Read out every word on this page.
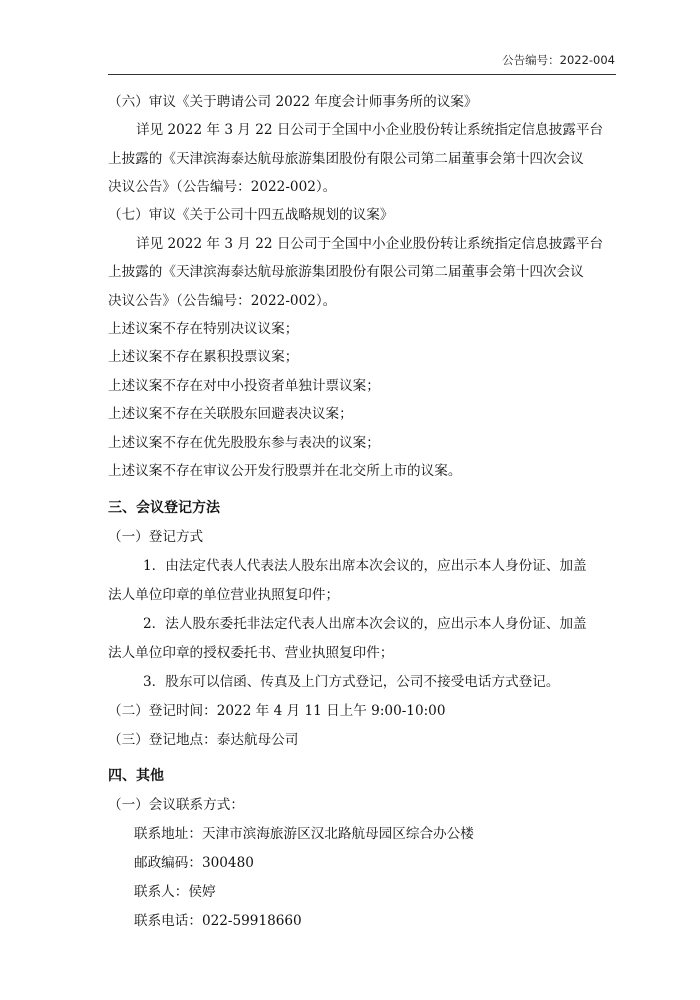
公告编号：2022-004
（六）审议《关于聘请公司 2022 年度会计师事务所的议案》
详见 2022 年 3 月 22 日公司于全国中小企业股份转让系统指定信息披露平台
上披露的《天津滨海泰达航母旅游集团股份有限公司第二届董事会第十四次会议
决议公告》（公告编号：2022-002）。
（七）审议《关于公司十四五战略规划的议案》
详见 2022 年 3 月 22 日公司于全国中小企业股份转让系统指定信息披露平台
上披露的《天津滨海泰达航母旅游集团股份有限公司第二届董事会第十四次会议
决议公告》（公告编号：2022-002）。
上述议案不存在特别决议议案；
上述议案不存在累积投票议案；
上述议案不存在对中小投资者单独计票议案；
上述议案不存在关联股东回避表决议案；
上述议案不存在优先股股东参与表决的议案；
上述议案不存在审议公开发行股票并在北交所上市的议案。
三、会议登记方法
（一）登记方式
1．由法定代表人代表法人股东出席本次会议的，应出示本人身份证、加盖
法人单位印章的单位营业执照复印件；
2．法人股东委托非法定代表人出席本次会议的，应出示本人身份证、加盖
法人单位印章的授权委托书、营业执照复印件；
3．股东可以信函、传真及上门方式登记，公司不接受电话方式登记。
（二）登记时间：2022 年 4 月 11 日上午 9:00-10:00
（三）登记地点：泰达航母公司
四、其他
（一）会议联系方式：
联系地址：天津市滨海旅游区汉北路航母园区综合办公楼
邮政编码：300480
联系人：侯婷
联系电话：022-59918660
